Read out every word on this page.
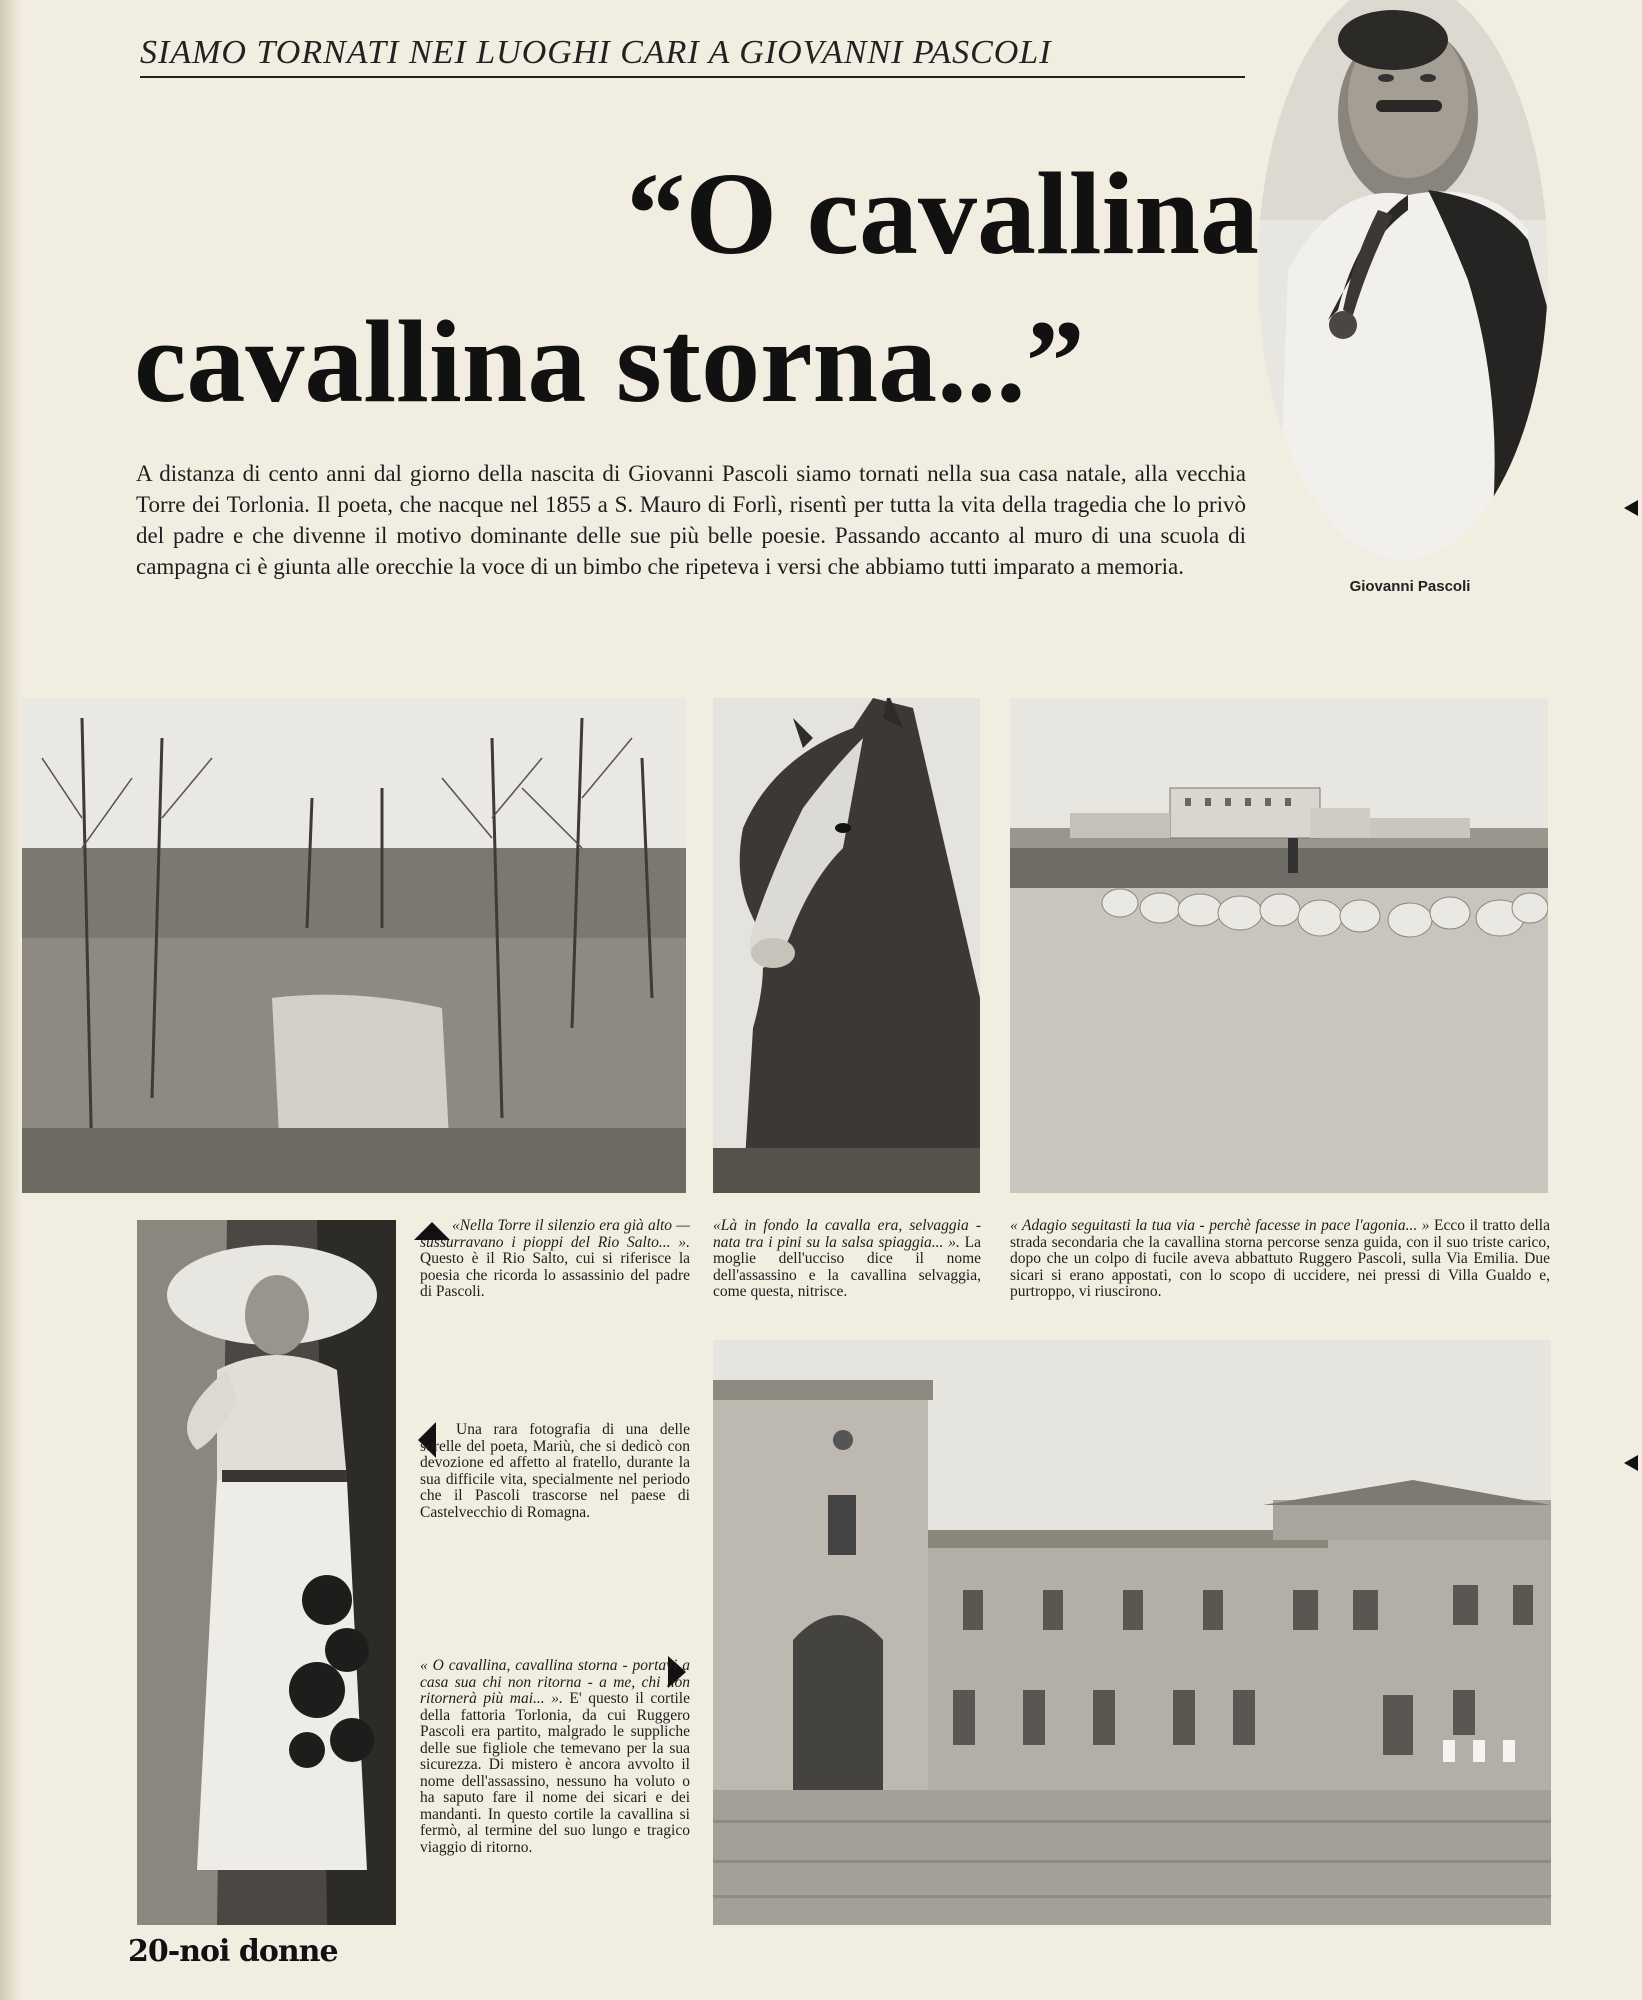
SIAMO TORNATI NEI LUOGHI CARI A GIOVANNI PASCOLI
“O cavallina
cavallina storna...”
A distanza di cento anni dal giorno della nascita di Giovanni Pascoli siamo tornati nella sua casa natale, alla vecchia Torre dei Torlonia. Il poeta, che nacque nel 1855 a S. Mauro di Forlì, risentì per tutta la vita della tragedia che lo privò del padre e che divenne il motivo dominante delle sue più belle poesie. Passando accanto al muro di una scuola di campagna ci è giunta alle orecchie la voce di un bimbo che ripeteva i versi che abbiamo tutti imparato a memoria.
Giovanni Pascoli
«Nella Torre il silenzio era già alto — sussurravano i pioppi del Rio Salto... ». Questo è il Rio Salto, cui si riferisce la poesia che ricorda lo assassinio del padre di Pascoli.
«Là in fondo la cavalla era, selvaggia - nata tra i pini su la salsa spiaggia... ». La moglie dell'ucciso dice il nome dell'assassino e la cavallina selvaggia, come questa, nitrisce.
« Adagio seguitasti la tua via - perchè facesse in pace l'agonia... » Ecco il tratto della strada secondaria che la cavallina storna percorse senza guida, con il suo triste carico, dopo che un colpo di fucile aveva abbattuto Ruggero Pascoli, sulla Via Emilia. Due sicari si erano appostati, con lo scopo di uccidere, nei pressi di Villa Gualdo e, purtroppo, vi riuscirono.
Una rara fotografia di una delle sorelle del poeta, Mariù, che si dedicò con devozione ed affetto al fratello, durante la sua difficile vita, specialmente nel periodo che il Pascoli trascorse nel paese di Castelvecchio di Romagna.
« O cavallina, cavallina storna - portavi a casa sua chi non ritorna - a me, chi non ritornerà più mai... ». E' questo il cortile della fattoria Torlonia, da cui Ruggero Pascoli era partito, malgrado le suppliche delle sue figliole che temevano per la sua sicurezza. Di mistero è ancora avvolto il nome dell'assassino, nessuno ha voluto o ha saputo fare il nome dei sicari e dei mandanti. In questo cortile la cavallina si fermò, al termine del suo lungo e tragico viaggio di ritorno.
20-noi donne
